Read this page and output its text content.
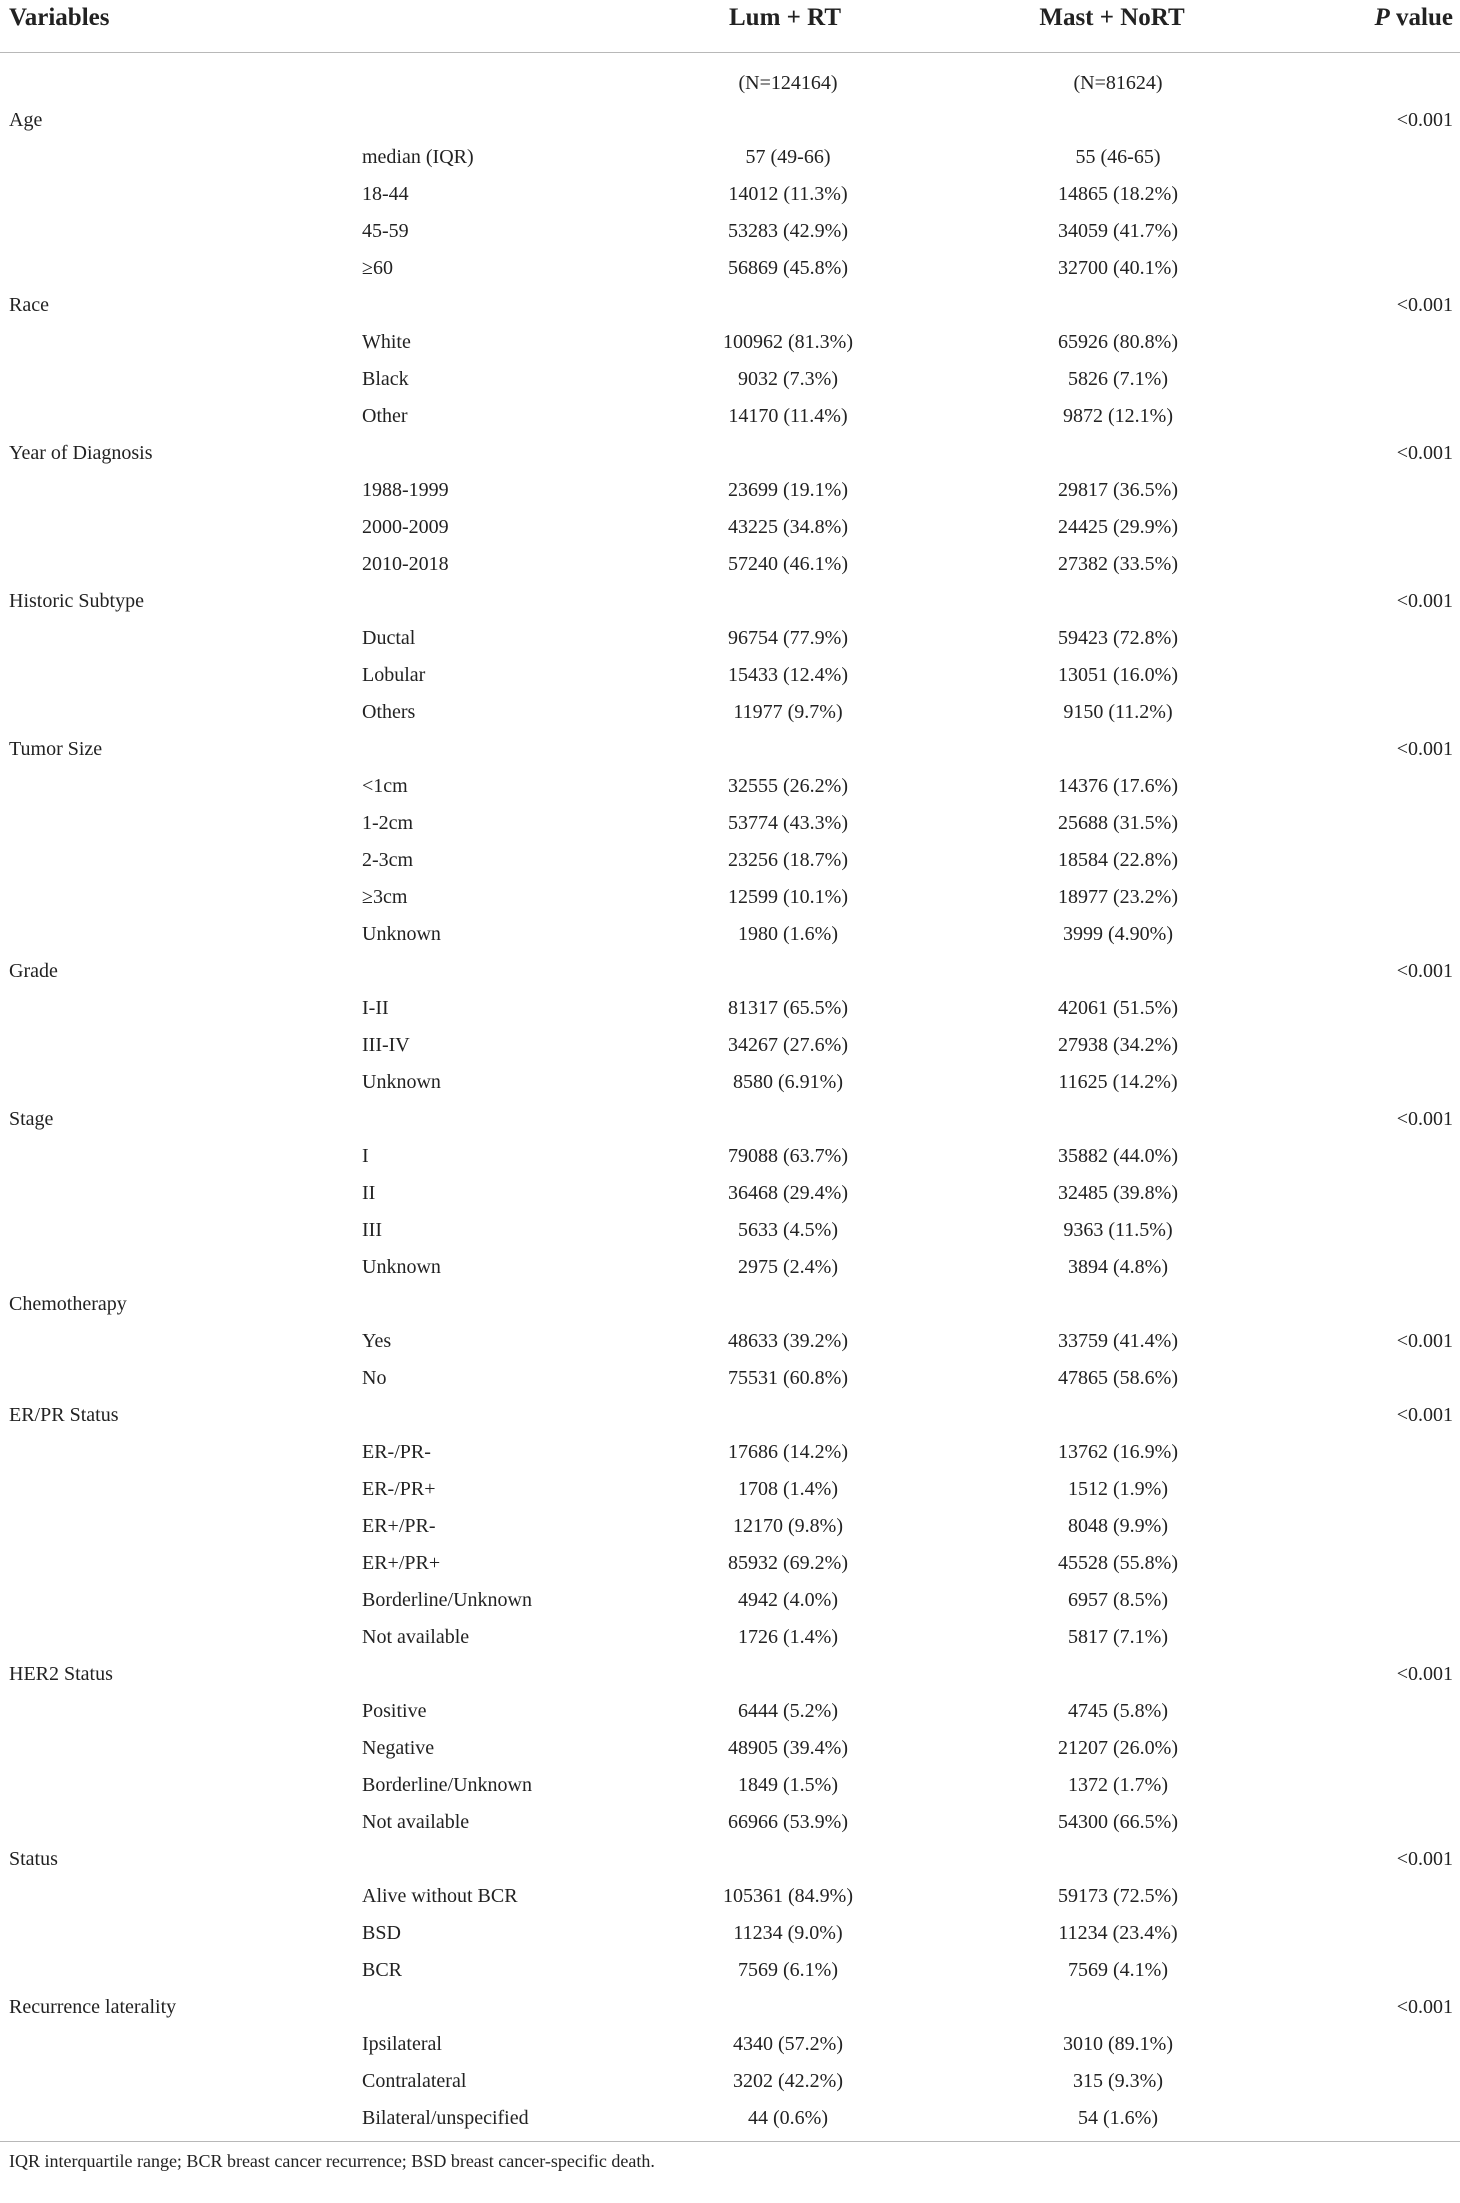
Variables	Lum + RT	Mast + NoRT	P value
(N=124164)	(N=81624)
Age	<0.001
median (IQR)	57 (49-66)	55 (46-65)
18-44	14012 (11.3%)	14865 (18.2%)
45-59	53283 (42.9%)	34059 (41.7%)
≥60	56869 (45.8%)	32700 (40.1%)
Race	<0.001
White	100962 (81.3%)	65926 (80.8%)
Black	9032 (7.3%)	5826 (7.1%)
Other	14170 (11.4%)	9872 (12.1%)
Year of Diagnosis	<0.001
1988-1999	23699 (19.1%)	29817 (36.5%)
2000-2009	43225 (34.8%)	24425 (29.9%)
2010-2018	57240 (46.1%)	27382 (33.5%)
Historic Subtype	<0.001
Ductal	96754 (77.9%)	59423 (72.8%)
Lobular	15433 (12.4%)	13051 (16.0%)
Others	11977 (9.7%)	9150 (11.2%)
Tumor Size	<0.001
<1cm	32555 (26.2%)	14376 (17.6%)
1-2cm	53774 (43.3%)	25688 (31.5%)
2-3cm	23256 (18.7%)	18584 (22.8%)
≥3cm	12599 (10.1%)	18977 (23.2%)
Unknown	1980 (1.6%)	3999 (4.90%)
Grade	<0.001
I-II	81317 (65.5%)	42061 (51.5%)
III-IV	34267 (27.6%)	27938 (34.2%)
Unknown	8580 (6.91%)	11625 (14.2%)
Stage	<0.001
I	79088 (63.7%)	35882 (44.0%)
II	36468 (29.4%)	32485 (39.8%)
III	5633 (4.5%)	9363 (11.5%)
Unknown	2975 (2.4%)	3894 (4.8%)
Chemotherapy
Yes	48633 (39.2%)	33759 (41.4%)	<0.001
No	75531 (60.8%)	47865 (58.6%)
ER/PR Status	<0.001
ER-/PR-	17686 (14.2%)	13762 (16.9%)
ER-/PR+	1708 (1.4%)	1512 (1.9%)
ER+/PR-	12170 (9.8%)	8048 (9.9%)
ER+/PR+	85932 (69.2%)	45528 (55.8%)
Borderline/Unknown	4942 (4.0%)	6957 (8.5%)
Not available	1726 (1.4%)	5817 (7.1%)
HER2 Status	<0.001
Positive	6444 (5.2%)	4745 (5.8%)
Negative	48905 (39.4%)	21207 (26.0%)
Borderline/Unknown	1849 (1.5%)	1372 (1.7%)
Not available	66966 (53.9%)	54300 (66.5%)
Status	<0.001
Alive without BCR	105361 (84.9%)	59173 (72.5%)
BSD	11234 (9.0%)	11234 (23.4%)
BCR	7569 (6.1%)	7569 (4.1%)
Recurrence laterality	<0.001
Ipsilateral	4340 (57.2%)	3010 (89.1%)
Contralateral	3202 (42.2%)	315 (9.3%)
Bilateral/unspecified	44 (0.6%)	54 (1.6%)
IQR interquartile range; BCR breast cancer recurrence; BSD breast cancer-specific death.
